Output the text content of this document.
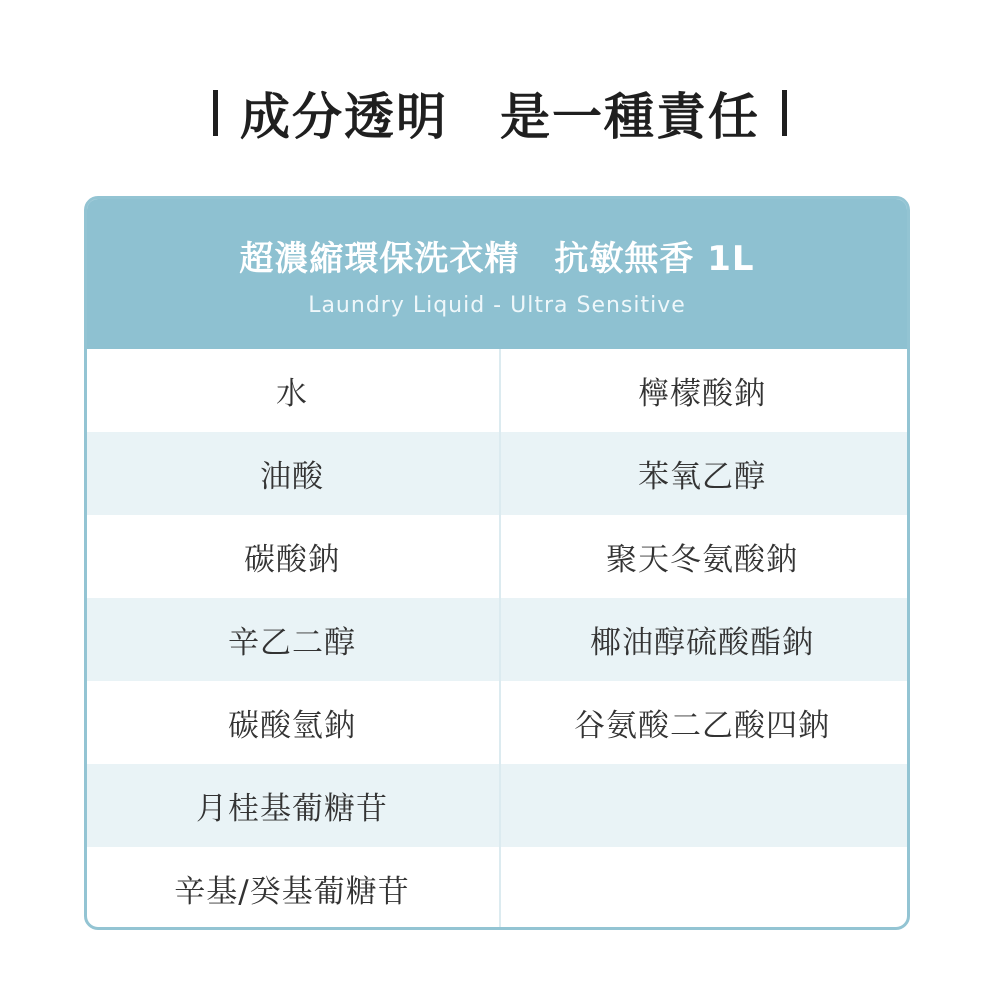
成分透明　是一種責任
超濃縮環保洗衣精　抗敏無香 1L
Laundry Liquid - Ultra Sensitive
水	檸檬酸鈉
油酸	苯氧乙醇
碳酸鈉	聚天冬氨酸鈉
辛乙二醇	椰油醇硫酸酯鈉
碳酸氫鈉	谷氨酸二乙酸四鈉
月桂基葡糖苷
辛基/癸基葡糖苷
